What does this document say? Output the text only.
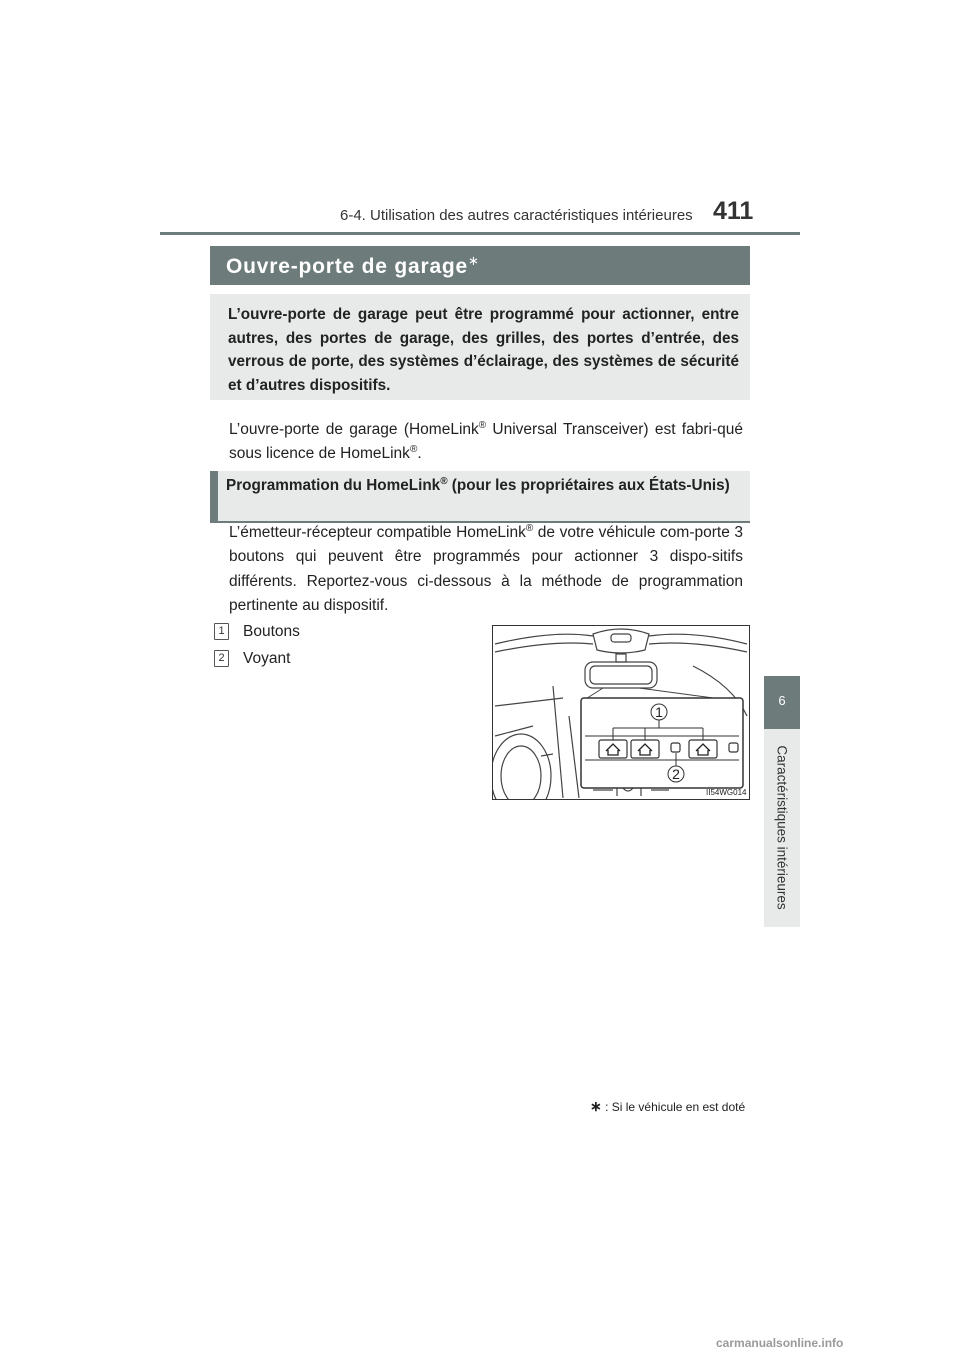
6-4. Utilisation des autres caractéristiques intérieures 411
6
Caractéristiques intérieures
Ouvre-porte de garage∗
L’ouvre-porte de garage peut être programmé pour actionner, entre autres, des portes de garage, des grilles, des portes d’entrée, des verrous de porte, des systèmes d’éclairage, des systèmes de sécurité et d’autres dispositifs.
L’ouvre-porte de garage (HomeLink® Universal Transceiver) est fabri-qué sous licence de HomeLink®.
Programmation du HomeLink® (pour les propriétaires aux États-Unis)
L’émetteur-récepteur compatible HomeLink® de votre véhicule com-porte 3 boutons qui peuvent être programmés pour actionner 3 dispo-sitifs différents. Reportez-vous ci-dessous à la méthode de programmation pertinente au dispositif.
1 Boutons
2 Voyant
1
2
II54WG014
∗ : Si le véhicule en est doté
carmanualsonline.info
